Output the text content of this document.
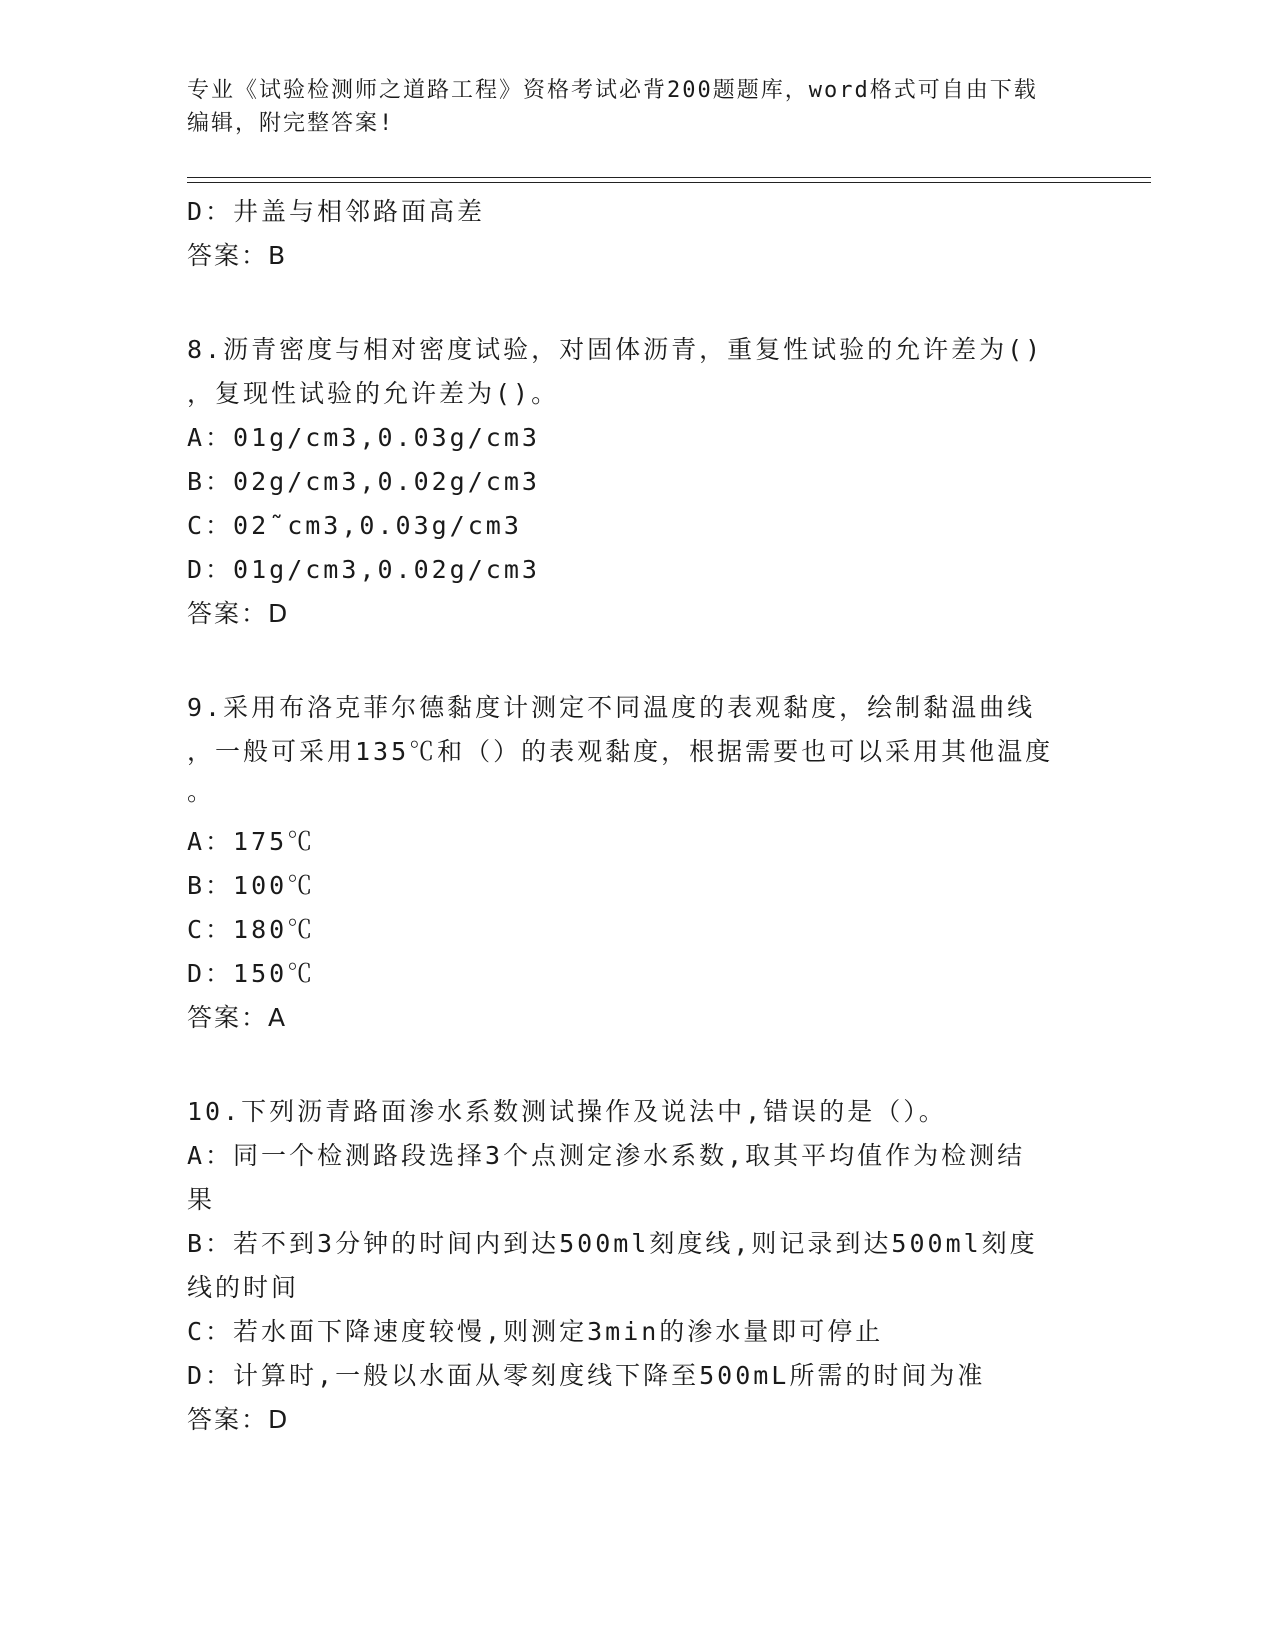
专业《试验检测师之道路工程》资格考试必背200题题库，word格式可自由下载
编辑，附完整答案!
D：井盖与相邻路面高差
答案：B
8.沥青密度与相对密度试验，对固体沥青，重复性试验的允许差为()
，复现性试验的允许差为()。
A：01g/cm3,0.03g/cm3
B：02g/cm3,0.02g/cm3
C：02˜cm3,0.03g/cm3
D：01g/cm3,0.02g/cm3
答案：D
9.采用布洛克菲尔德黏度计测定不同温度的表观黏度，绘制黏温曲线
，一般可采用135℃和（）的表观黏度，根据需要也可以采用其他温度
。
A：175℃
B：100℃
C：180℃
D：150℃
答案：A
10.下列沥青路面渗水系数测试操作及说法中,错误的是（）。
A：同一个检测路段选择3个点测定渗水系数,取其平均值作为检测结
果
B：若不到3分钟的时间内到达500ml刻度线,则记录到达500ml刻度
线的时间
C：若水面下降速度较慢,则测定3min的渗水量即可停止
D：计算时,一般以水面从零刻度线下降至500mL所需的时间为准
答案：D
